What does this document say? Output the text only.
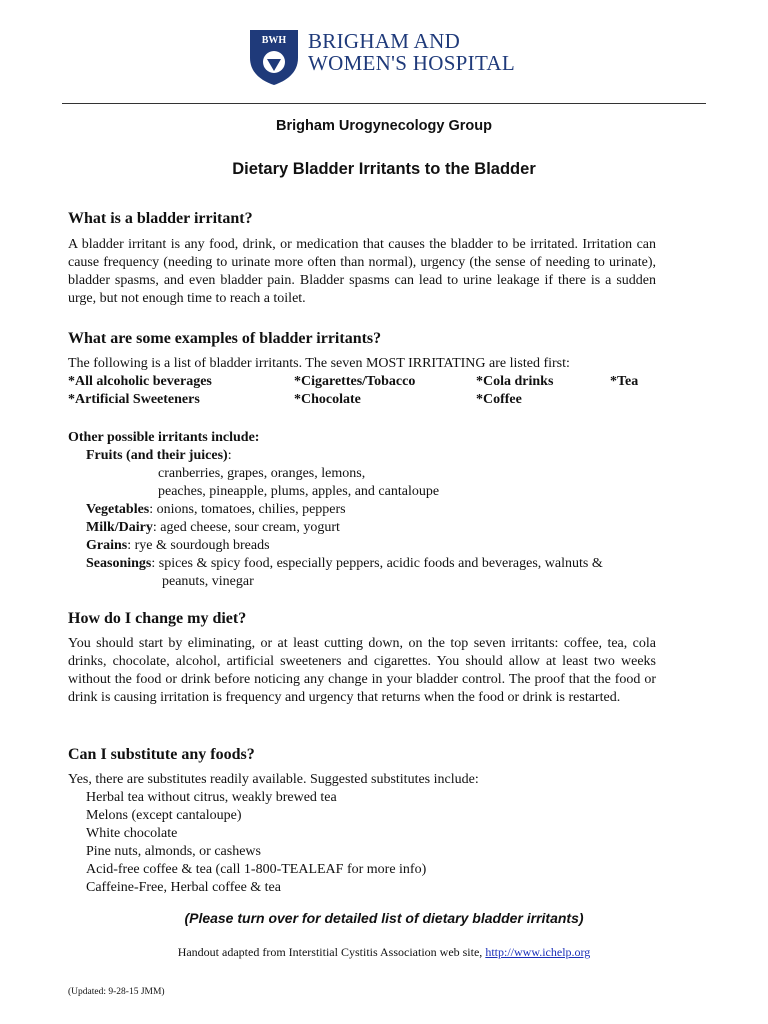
BWH BRIGHAM AND
WOMEN'S HOSPITAL
Brigham Urogynecology Group
Dietary Bladder Irritants to the Bladder
What is a bladder irritant?

A bladder irritant is any food, drink, or medication that causes the bladder to be irritated. Irritation can cause frequency (needing to urinate more often than normal), urgency (the sense of needing to urinate), bladder spasms, and even bladder pain. Bladder spasms can lead to urine leakage if there is a sudden urge, but not enough time to reach a toilet.

What are some examples of bladder irritants?

The following is a list of bladder irritants. The seven MOST IRRITATING are listed first:

*All alcoholic beverages	*Cigarettes/Tobacco	*Cola drinks	*Tea
*Artificial Sweeteners	*Chocolate	*Coffee

Other possible irritants include:

Fruits (and their juices):

cranberries, grapes, oranges, lemons,

peaches, pineapple, plums, apples, and cantaloupe

Vegetables: onions, tomatoes, chilies, peppers

Milk/Dairy: aged cheese, sour cream, yogurt

Grains: rye & sourdough breads

Seasonings: spices & spicy food, especially peppers, acidic foods and beverages, walnuts &

peanuts, vinegar

How do I change my diet?

You should start by eliminating, or at least cutting down, on the top seven irritants: coffee, tea, cola drinks, chocolate, alcohol, artificial sweeteners and cigarettes. You should allow at least two weeks without the food or drink before noticing any change in your bladder control. The proof that the food or drink is causing irritation is frequency and urgency that returns when the food or drink is restarted.

Can I substitute any foods?

Yes, there are substitutes readily available. Suggested substitutes include:

Herbal tea without citrus, weakly brewed tea

Melons (except cantaloupe)

White chocolate

Pine nuts, almonds, or cashews

Acid-free coffee & tea (call 1-800-TEALEAF for more info)

Caffeine-Free, Herbal coffee & tea

(Please turn over for detailed list of dietary bladder irritants)
Handout adapted from Interstitial Cystitis Association web site, http://www.ichelp.org
(Updated: 9-28-15 JMM)
